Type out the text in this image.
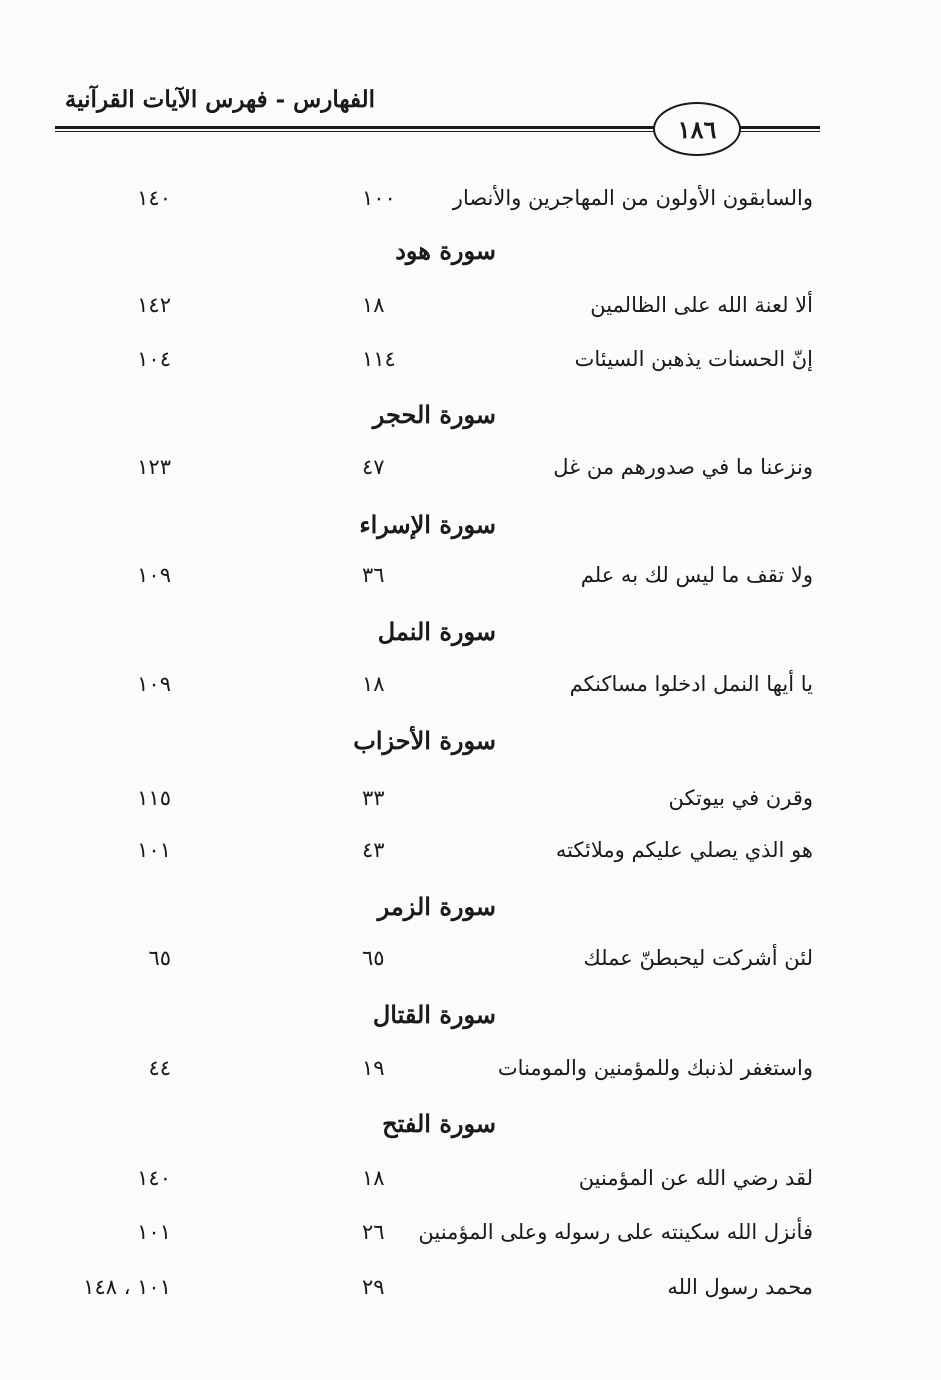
الفهارس - فهرس الآيات القرآنية
١٨٦
والسابقون الأولون من المهاجرين والأنصار
١٠٠
١٤٠
سورة هود
ألا لعنة الله على الظالمين
١٨
١٤٢
إنّ الحسنات يذهبن السيئات
١١٤
١٠٤
سورة الحجر
ونزعنا ما في صدورهم من غل
٤٧
١٢٣
سورة الإسراء
ولا تقف ما ليس لك به علم
٣٦
١٠٩
سورة النمل
يا أيها النمل ادخلوا مساكنكم
١٨
١٠٩
سورة الأحزاب
وقرن في بيوتكن
٣٣
١١٥
هو الذي يصلي عليكم وملائكته
٤٣
١٠١
سورة الزمر
لئن أشركت ليحبطنّ عملك
٦٥
٦٥
سورة القتال
واستغفر لذنبك وللمؤمنين والمومنات
١٩
٤٤
سورة الفتح
لقد رضي الله عن المؤمنين
١٨
١٤٠
فأنزل الله سكينته على رسوله وعلى المؤمنين
٢٦
١٠١
محمد رسول الله
٢٩
١٠١ ، ١٤٨
